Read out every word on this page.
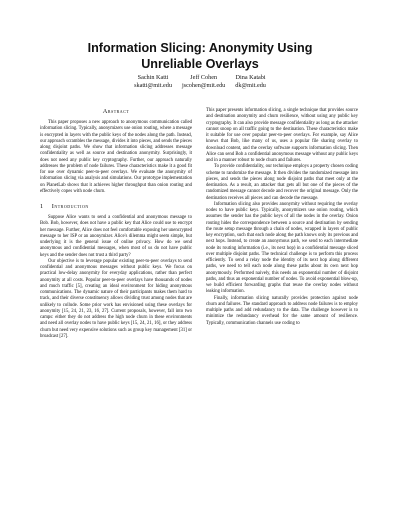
Information Slicing: Anonymity Using
Unreliable Overlays
Sachin Katti
skatti@mit.edu
Jeff Cohen
jscohen@mit.edu
Dina Katabi
dk@mit.edu
Abstract

This paper proposes a new approach to anonymous communication called information slicing. Typically, anonymizers use onion routing, where a message is encrypted in layers with the public keys of the nodes along the path. Instead, our approach scrambles the message, divides it into pieces, and sends the pieces along disjoint paths. We show that information slicing addresses message confidentiality as well as source and destination anonymity. Surprisingly, it does not need any public key cryptography. Further, our approach naturally addresses the problem of node failures. These characteristics make it a good fit for use over dynamic peer-to-peer overlays. We evaluate the anonymity of information slicing via analysis and simulations. Our prototype implementation on PlanetLab shows that it achieves higher throughput than onion routing and effectively copes with node churn.

1 Introduction

Suppose Alice wants to send a confidential and anonymous message to Bob. Bob, however, does not have a public key that Alice could use to encrypt her message. Further, Alice does not feel comfortable exposing her unencrypted message to her ISP or an anonymizer. Alice's dilemma might seem simple, but underlying it is the general issue of online privacy. How do we send anonymous and confidential messages, when most of us do not have public keys and the sender does not trust a third party?

Our objective is to leverage popular existing peer-to-peer overlays to send confidential and anonymous messages without public keys. We focus on practical low-delay anonymity for everyday applications, rather than perfect anonymity at all costs. Popular peer-to-peer overlays have thousands of nodes and much traffic [5], creating an ideal environment for hiding anonymous communications. The dynamic nature of their participants makes them hard to track, and their diverse constituency allows dividing trust among nodes that are unlikely to collude. Some prior work has envisioned using these overlays for anonymity [15, 24, 21, 23, 16, 27]. Current proposals, however, fall into two camps: either they do not address the high node churn in these environments and need all overlay nodes to have public keys [15, 24, 21, 16], or they address churn but need very expensive solutions such as group key management [31] or broadcast [27].

This paper presents information slicing, a single technique that provides source and destination anonymity and churn resilience, without using any public key cryptography. It can also provide message confidentiality as long as the attacker cannot snoop on all traffic going to the destination. These characteristics make it suitable for use over popular peer-to-peer overlays. For example, say Alice knows that Bob, like many of us, uses a popular file sharing overlay to download content, and the overlay software supports information slicing. Then Alice can send Bob a confidential anonymous message without any public keys and in a manner robust to node churn and failures.

To provide confidentiality, our technique employs a property chosen coding scheme to randomize the message. It then divides the randomized message into pieces, and sends the pieces along node disjoint paths that meet only at the destination. As a result, an attacker that gets all but one of the pieces of the randomized message cannot decode and recover the original message. Only the destination receives all pieces and can decode the message.

Information slicing also provides anonymity without requiring the overlay nodes to have public keys. Typically, anonymizers use onion routing, which assumes the sender has the public keys of all the nodes in the overlay. Onion routing hides the correspondence between a source and destination by sending the route setup message through a chain of nodes, wrapped in layers of public key encryption, such that each node along the path knows only its previous and next hops. Instead, to create an anonymous path, we send to each intermediate node its routing information (i.e., its next hop) in a confidential message sliced over multiple disjoint paths. The technical challenge is to perform this process efficiently. To send a relay node the identity of its next hop along different paths, we need to tell each node along these paths about its own next hop anonymously. Performed naively, this needs an exponential number of disjoint paths, and thus an exponential number of nodes. To avoid exponential blow-up, we build efficient forwarding graphs that reuse the overlay nodes without leaking information.

Finally, information slicing naturally provides protection against node churn and failures. The standard approach to address node failures is to employ multiple paths and add redundancy to the data. The challenge however is to minimize the redundancy overhead for the same amount of resilience. Typically, communication channels use coding to
